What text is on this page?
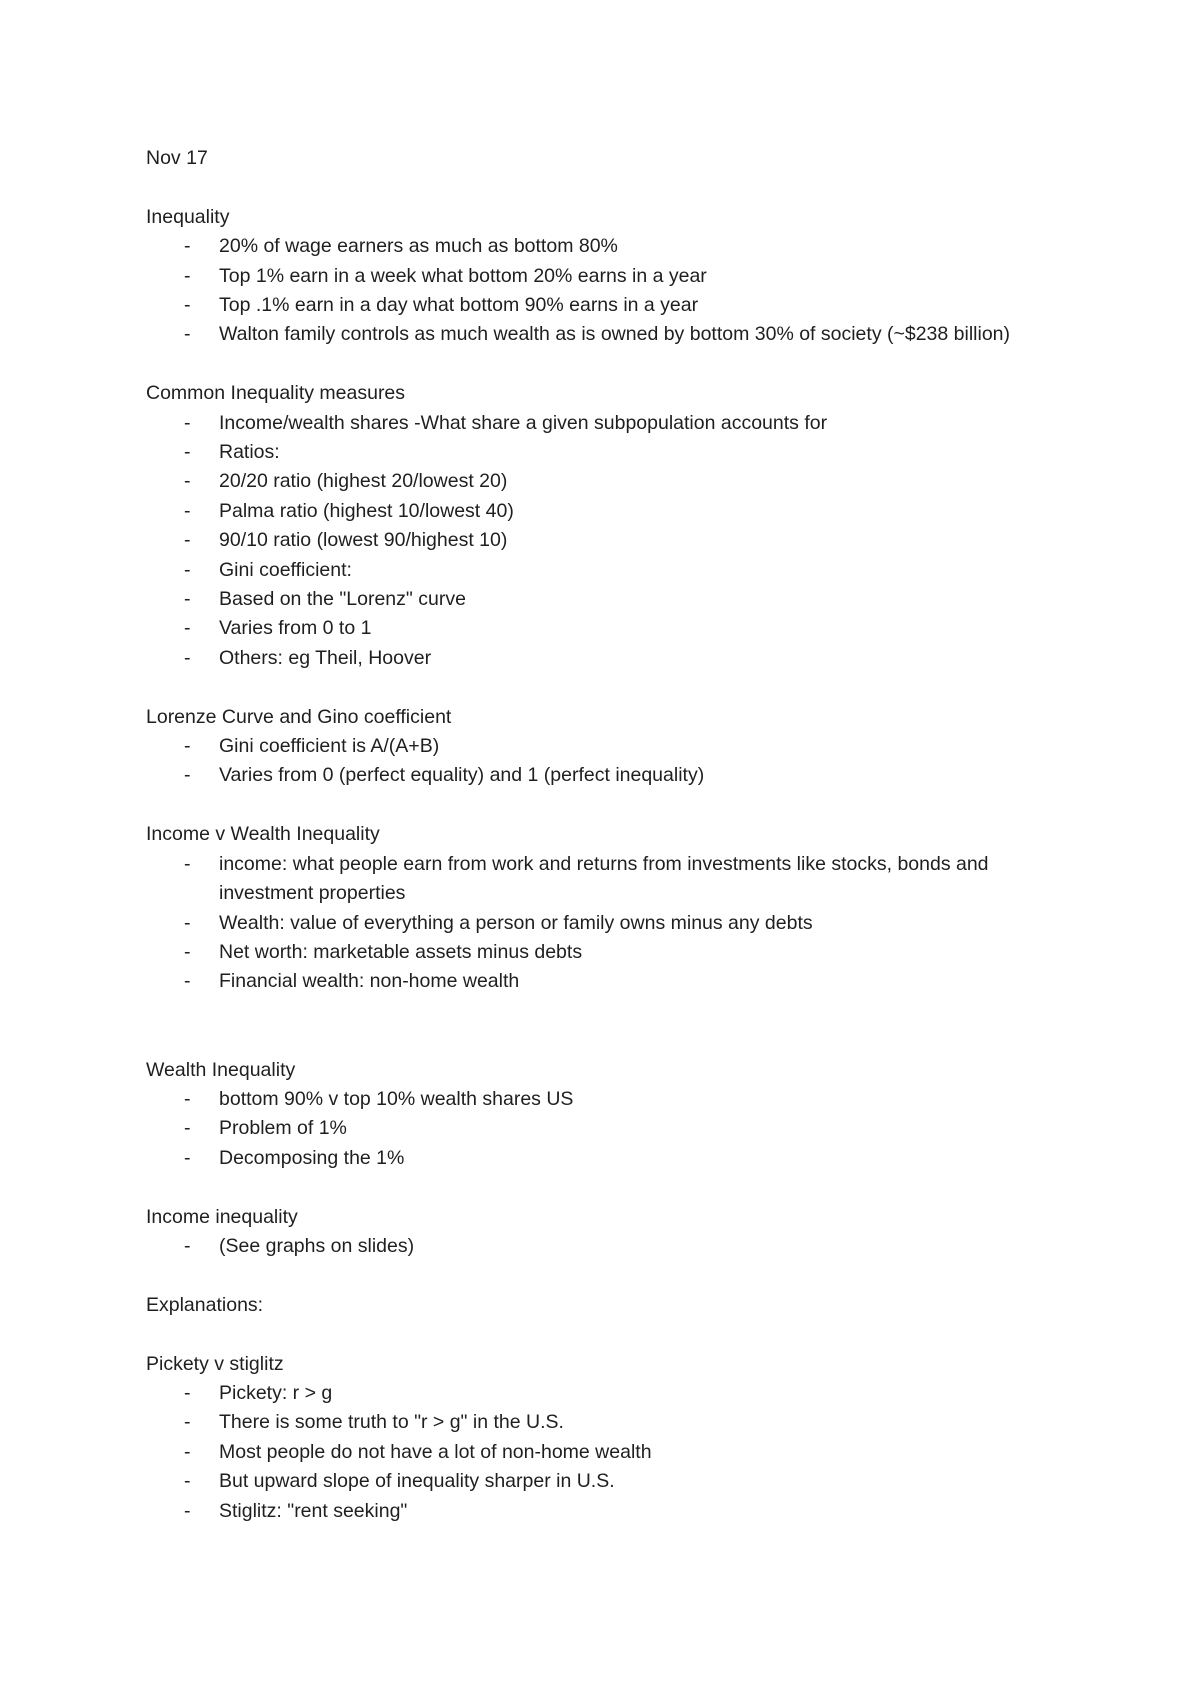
Nov 17
Inequality
- 20% of wage earners as much as bottom 80%
- Top 1% earn in a week what bottom 20% earns in a year
- Top .1% earn in a day what bottom 90% earns in a year
- Walton family controls as much wealth as is owned by bottom 30% of society (~$238 billion)
Common Inequality measures
- Income/wealth shares -What share a given subpopulation accounts for
- Ratios:
- 20/20 ratio (highest 20/lowest 20)
- Palma ratio (highest 10/lowest 40)
- 90/10 ratio (lowest 90/highest 10)
- Gini coefficient:
- Based on the "Lorenz" curve
- Varies from 0 to 1
- Others: eg Theil, Hoover
Lorenze Curve and Gino coefficient
- Gini coefficient is A/(A+B)
- Varies from 0 (perfect equality) and 1 (perfect inequality)
Income v Wealth Inequality
- income: what people earn from work and returns from investments like stocks, bonds and investment properties
- Wealth: value of everything a person or family owns minus any debts
- Net worth: marketable assets minus debts
- Financial wealth: non-home wealth
Wealth Inequality
- bottom 90% v top 10% wealth shares US
- Problem of 1%
- Decomposing the 1%
Income inequality
- (See graphs on slides)
Explanations:
Pickety v stiglitz
- Pickety: r > g
- There is some truth to "r > g" in the U.S.
- Most people do not have a lot of non-home wealth
- But upward slope of inequality sharper in U.S.
- Stiglitz: "rent seeking"
